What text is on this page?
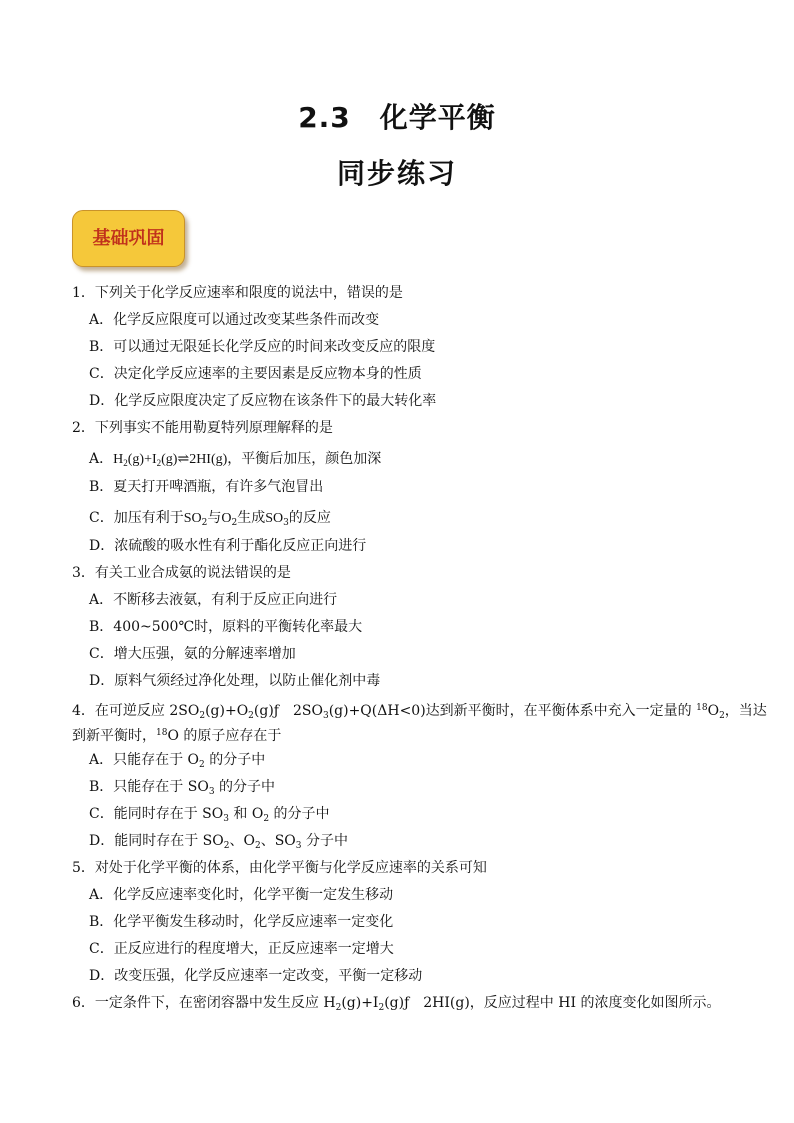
2.3　化学平衡
同步练习
基础巩固
1．下列关于化学反应速率和限度的说法中，错误的是
A．化学反应限度可以通过改变某些条件而改变
B．可以通过无限延长化学反应的时间来改变反应的限度
C．决定化学反应速率的主要因素是反应物本身的性质
D．化学反应限度决定了反应物在该条件下的最大转化率
2．下列事实不能用勒夏特列原理解释的是
A．$H_2(g)+I_2(g)\rightleftharpoons 2HI(g)$，平衡后加压，颜色加深
B．夏天打开啤酒瓶，有许多气泡冒出
C．加压有利于$SO_2$与$O_2$生成$SO_3$的反应
D．浓硫酸的吸水性有利于酯化反应正向进行
3．有关工业合成氨的说法错误的是
A．不断移去液氨，有利于反应正向进行
B．400~500℃时，原料的平衡转化率最大
C．增大压强，氨的分解速率增加
D．原料气须经过净化处理，以防止催化剂中毒
4．在可逆反应 $2SO_2(g)+O_2(g)ƒ$　$2SO_3(g)+Q(\Delta H<0)$达到新平衡时，在平衡体系中充入一定量的 $^{18}O_2$，当达
到新平衡时，$^{18}$O 的原子应存在于
A．只能存在于 $O_2$ 的分子中
B．只能存在于 $SO_3$ 的分子中
C．能同时存在于 $SO_3$ 和 $O_2$ 的分子中
D．能同时存在于 $SO_2$、$O_2$、$SO_3$ 分子中
5．对处于化学平衡的体系，由化学平衡与化学反应速率的关系可知
A．化学反应速率变化时，化学平衡一定发生移动
B．化学平衡发生移动时，化学反应速率一定变化
C．正反应进行的程度增大，正反应速率一定增大
D．改变压强，化学反应速率一定改变，平衡一定移动
6．一定条件下，在密闭容器中发生反应 $H_2(g)+I_2(g)ƒ$　2HI(g)，反应过程中 HI 的浓度变化如图所示。
